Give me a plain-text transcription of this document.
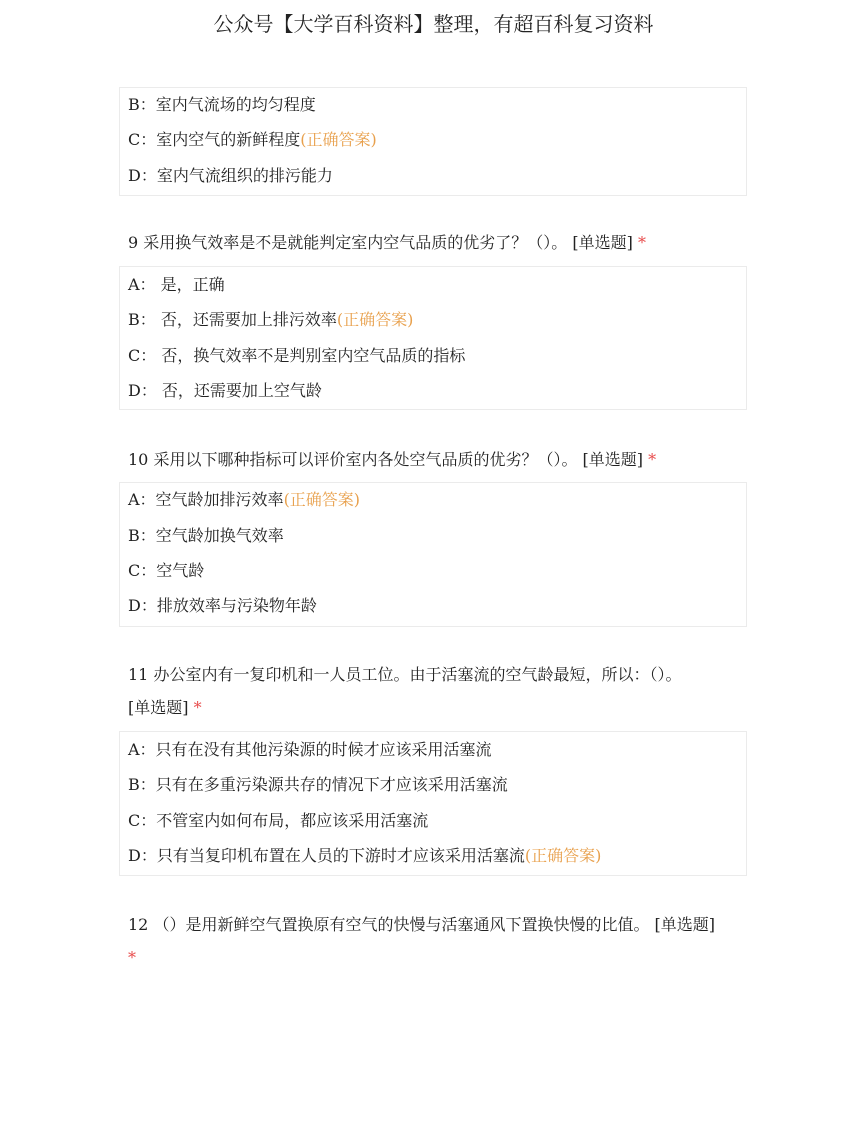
公众号【大学百科资料】整理，有超百科复习资料
B：室内气流场的均匀程度
C：室内空气的新鲜程度(正确答案)
D：室内气流组织的排污能力
9 采用换气效率是不是就能判定室内空气品质的优劣了？（）。 [单选题] *
A： 是，正确
B： 否，还需要加上排污效率(正确答案)
C： 否，换气效率不是判别室内空气品质的指标
D： 否，还需要加上空气龄
10 采用以下哪种指标可以评价室内各处空气品质的优劣？（）。 [单选题] *
A：空气龄加排污效率(正确答案)
B：空气龄加换气效率
C：空气龄
D：排放效率与污染物年龄
11 办公室内有一复印机和一人员工位。由于活塞流的空气龄最短，所以：（）。
[单选题] *
A：只有在没有其他污染源的时候才应该采用活塞流
B：只有在多重污染源共存的情况下才应该采用活塞流
C：不管室内如何布局，都应该采用活塞流
D：只有当复印机布置在人员的下游时才应该采用活塞流(正确答案)
12 （）是用新鲜空气置换原有空气的快慢与活塞通风下置换快慢的比值。 [单选题]
*
